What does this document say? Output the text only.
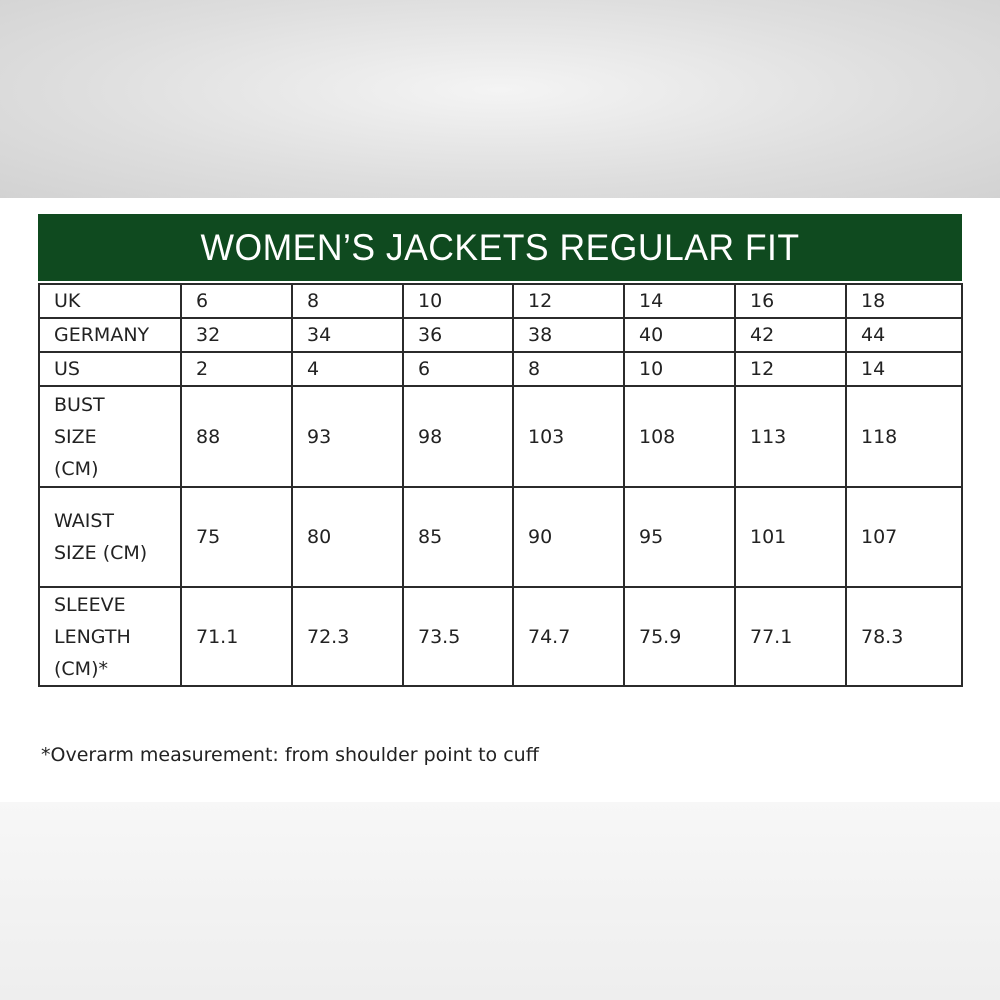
WOMEN’S JACKETS REGULAR FIT
UK	6	8	10	12	14	16	18
GERMANY	32	34	36	38	40	42	44
US	2	4	6	8	10	12	14
BUST
SIZE
(CM)	88	93	98	103	108	113	118
WAIST
SIZE (CM)	75	80	85	90	95	101	107
SLEEVE
LENGTH
(CM)*	71.1	72.3	73.5	74.7	75.9	77.1	78.3
*Overarm measurement: from shoulder point to cuff
